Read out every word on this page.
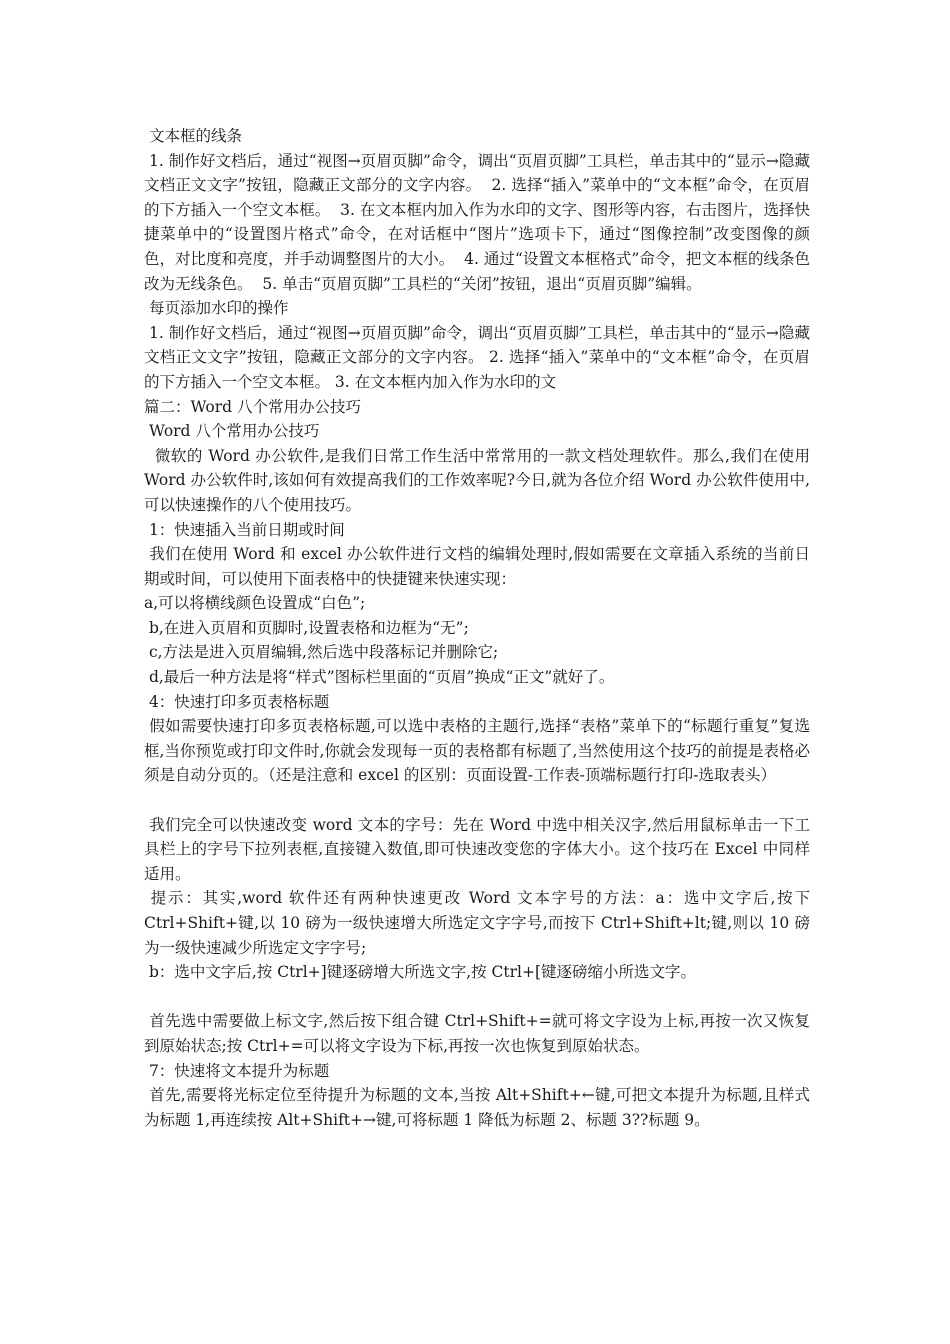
文本框的线条

1. 制作好文档后，通过“视图→页眉页脚”命令，调出“页眉页脚”工具栏，单击其中的“显示→隐藏文档正文文字”按钮，隐藏正文部分的文字内容。  2. 选择“插入”菜单中的“文本框”命令，在页眉的下方插入一个空文本框。  3. 在文本框内加入作为水印的文字、图形等内容，右击图片，选择快捷菜单中的“设置图片格式”命令，在对话框中“图片”选项卡下，通过“图像控制”改变图像的颜色，对比度和亮度，并手动调整图片的大小。  4. 通过“设置文本框格式”命令，把文本框的线条色改为无线条色。  5. 单击“页眉页脚”工具栏的“关闭”按钮，退出“页眉页脚”编辑。

每页添加水印的操作

1. 制作好文档后，通过“视图→页眉页脚”命令，调出“页眉页脚”工具栏，单击其中的“显示→隐藏文档正文文字”按钮，隐藏正文部分的文字内容。 2. 选择“插入”菜单中的“文本框”命令，在页眉的下方插入一个空文本框。 3. 在文本框内加入作为水印的文

篇二：Word 八个常用办公技巧

Word 八个常用办公技巧

微软的 Word 办公软件,是我们日常工作生活中常常用的一款文档处理软件。那么,我们在使用 Word 办公软件时,该如何有效提高我们的工作效率呢?今日,就为各位介绍 Word 办公软件使用中,可以快速操作的八个使用技巧。

1：快速插入当前日期或时间

我们在使用 Word 和 excel 办公软件进行文档的编辑处理时,假如需要在文章插入系统的当前日期或时间，可以使用下面表格中的快捷键来快速实现：

a,可以将横线颜色设置成“白色”;

b,在进入页眉和页脚时,设置表格和边框为“无”;

c,方法是进入页眉编辑,然后选中段落标记并删除它;

d,最后一种方法是将“样式”图标栏里面的“页眉”换成“正文”就好了。

4：快速打印多页表格标题

假如需要快速打印多页表格标题,可以选中表格的主题行,选择“表格”菜单下的“标题行重复”复选框,当你预览或打印文件时,你就会发现每一页的表格都有标题了,当然使用这个技巧的前提是表格必须是自动分页的。（还是注意和 excel 的区别：页面设置-工作表-顶端标题行打印-选取表头）

我们完全可以快速改变 word 文本的字号：先在 Word 中选中相关汉字,然后用鼠标单击一下工具栏上的字号下拉列表框,直接键入数值,即可快速改变您的字体大小。这个技巧在 Excel 中同样适用。

提示：其实,word 软件还有两种快速更改 Word 文本字号的方法：a：选中文字后,按下 Ctrl+Shift+键,以 10 磅为一级快速增大所选定文字字号,而按下 Ctrl+Shift+lt;键,则以 10 磅为一级快速减少所选定文字字号;

b：选中文字后,按 Ctrl+]键逐磅增大所选文字,按 Ctrl+[键逐磅缩小所选文字。

首先选中需要做上标文字,然后按下组合键 Ctrl+Shift+=就可将文字设为上标,再按一次又恢复到原始状态;按 Ctrl+=可以将文字设为下标,再按一次也恢复到原始状态。

7：快速将文本提升为标题

首先,需要将光标定位至待提升为标题的文本,当按 Alt+Shift+←键,可把文本提升为标题,且样式为标题 1,再连续按 Alt+Shift+→键,可将标题 1 降低为标题 2、标题 3??标题 9。
